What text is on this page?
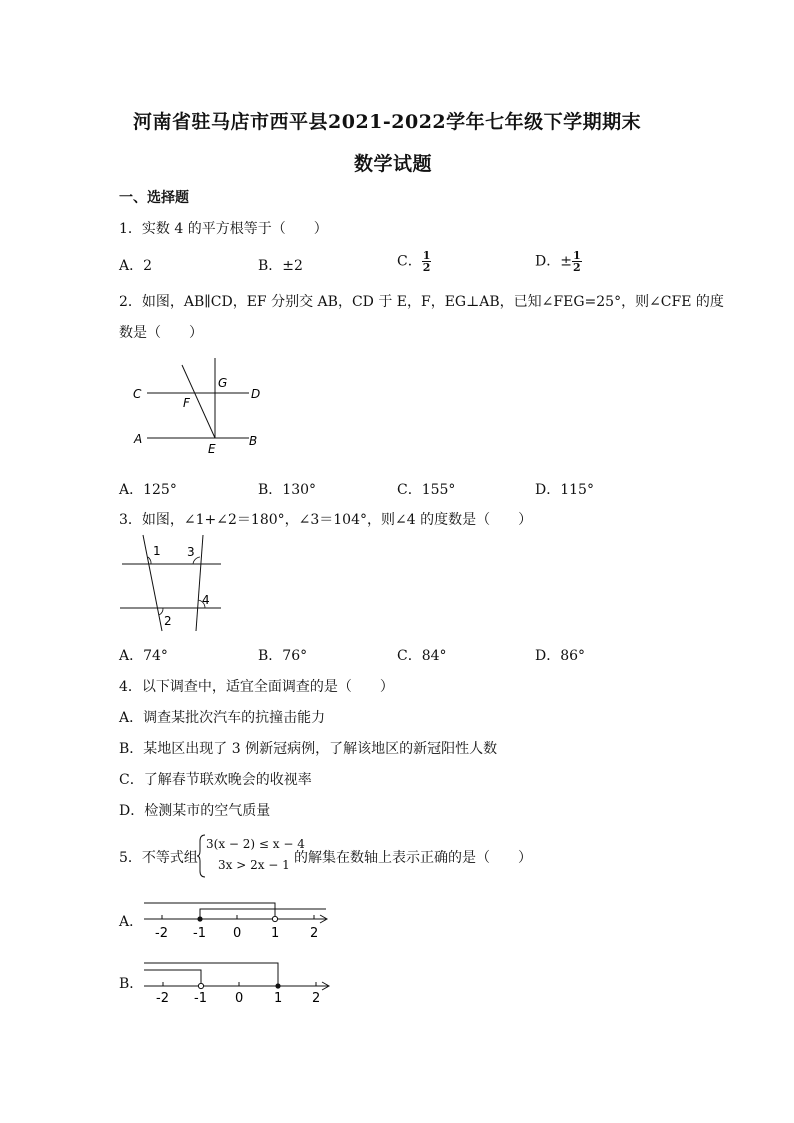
河南省驻马店市西平县2021-2022学年七年级下学期期末
数学试题
一、选择题
1．实数 4 的平方根等于（　　）
A．2	B．±2	C． $\frac{1}{2}$	D．± $\frac{1}{2}$
2．如图，AB∥CD，EF 分别交 AB，CD 于 E，F，EG⊥AB，已知∠FEG=25°，则∠CFE 的度
数是（　　）
C	D
G
F
A	B
E
A．125°	B．130°	C．155°	D．115°
3．如图，∠1+∠2＝180°，∠3＝104°，则∠4 的度数是（　　）
1
2
3
4
A．74°	B．76°	C．84°	D．86°
4．以下调查中，适宜全面调查的是（　　）
A．调查某批次汽车的抗撞击能力
B．某地区出现了 3 例新冠病例，了解该地区的新冠阳性人数
C．了解春节联欢晚会的收视率
D．检测某市的空气质量
5．不等式组
3(x − 2) ≤ x − 4
3x > 2x − 1 的解集在数轴上表示正确的是（　　）
A．
-2 -1 0 1 2
B．
-2 -1 0 1 2
